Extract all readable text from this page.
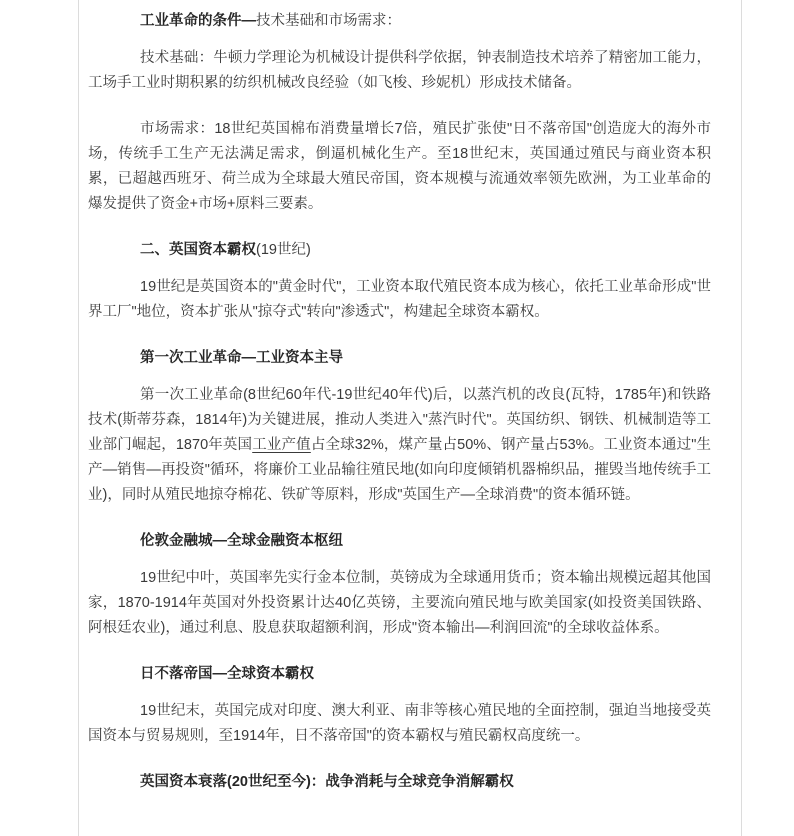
工业革命的条件—技术基础和市场需求：

技术基础：牛顿力学理论为机械设计提供科学依据，钟表制造技术培养了精密加工能力，工场手工业时期积累的纺织机械改良经验（如飞梭、珍妮机）形成技术储备。

市场需求：18世纪英国棉布消费量增长7倍，殖民扩张使"日不落帝国"创造庞大的海外市场，传统手工生产无法满足需求，倒逼机械化生产。至18世纪末，英国通过殖民与商业资本积累，已超越西班牙、荷兰成为全球最大殖民帝国，资本规模与流通效率领先欧洲，为工业革命的爆发提供了资金+市场+原料三要素。

二、英国资本霸权(19世纪)

19世纪是英国资本的"黄金时代"，工业资本取代殖民资本成为核心，依托工业革命形成"世界工厂"地位，资本扩张从"掠夺式"转向"渗透式"，构建起全球资本霸权。

第一次工业革命—工业资本主导

第一次工业革命(8世纪60年代-19世纪40年代)后，以蒸汽机的改良(瓦特，1785年)和铁路技术(斯蒂芬森，1814年)为关键进展，推动人类进入"蒸汽时代"。英国纺织、钢铁、机械制造等工业部门崛起，1870年英国工业产值占全球32%，煤产量占50%、钢产量占53%。工业资本通过"生产—销售—再投资"循环，将廉价工业品输往殖民地(如向印度倾销机器棉织品，摧毁当地传统手工业)，同时从殖民地掠夺棉花、铁矿等原料，形成"英国生产—全球消费"的资本循环链。

伦敦金融城—全球金融资本枢纽

19世纪中叶，英国率先实行金本位制，英镑成为全球通用货币；资本输出规模远超其他国家，1870-1914年英国对外投资累计达40亿英镑，主要流向殖民地与欧美国家(如投资美国铁路、阿根廷农业)，通过利息、股息获取超额利润，形成"资本输出—利润回流"的全球收益体系。

日不落帝国—全球资本霸权

19世纪末，英国完成对印度、澳大利亚、南非等核心殖民地的全面控制，强迫当地接受英国资本与贸易规则，至1914年，日不落帝国"的资本霸权与殖民霸权高度统一。

英国资本衰落(20世纪至今)：战争消耗与全球竞争消解霸权
